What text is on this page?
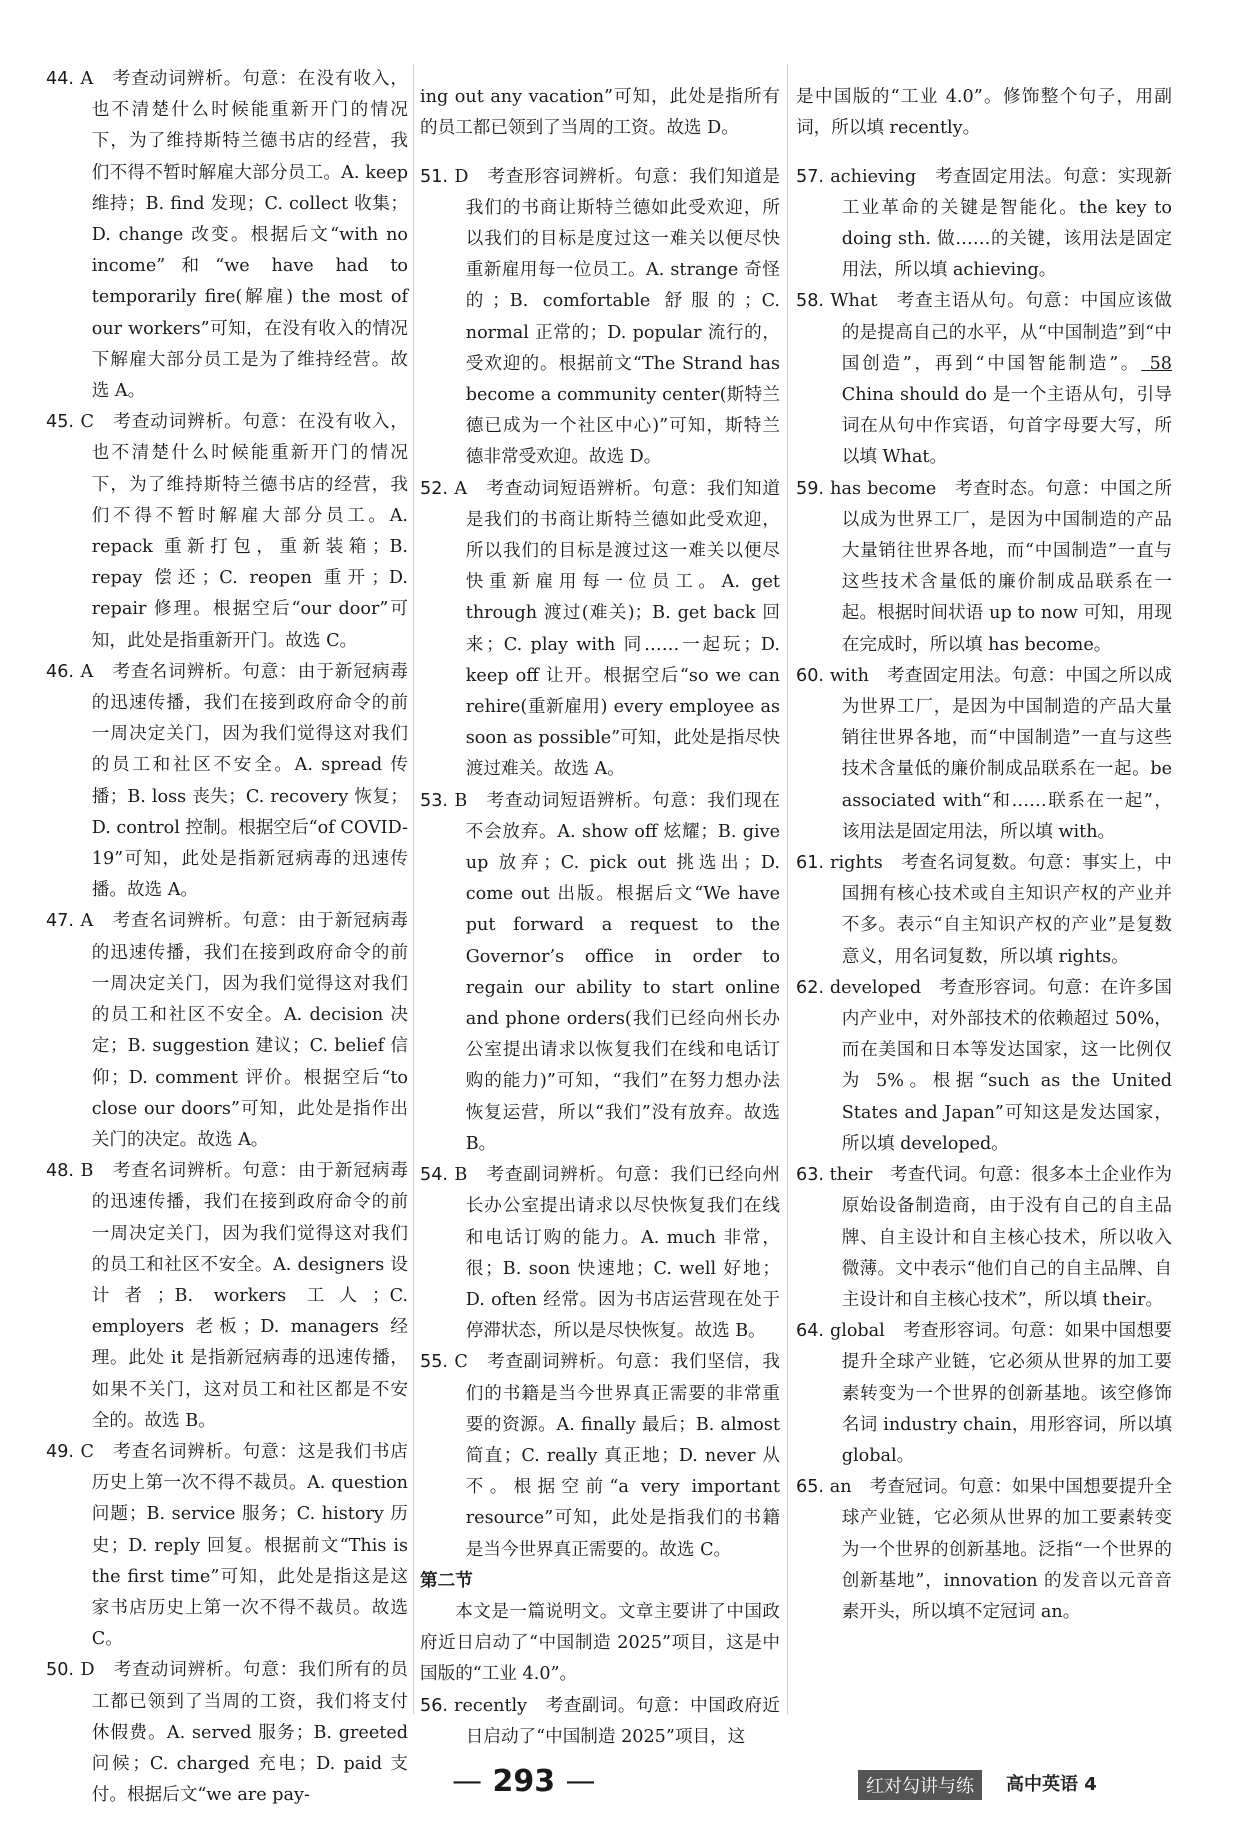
44. A　考查动词辨析。句意：在没有收入，也不清楚什么时候能重新开门的情况下，为了维持斯特兰德书店的经营，我们不得不暂时解雇大部分员工。A. keep 维持；B. find 发现；C. collect 收集；D. change 改变。根据后文“with no income”和“we have had to temporarily fire(解雇) the most of our workers”可知，在没有收入的情况下解雇大部分员工是为了维持经营。故选 A。

45. C　考查动词辨析。句意：在没有收入，也不清楚什么时候能重新开门的情况下，为了维持斯特兰德书店的经营，我们不得不暂时解雇大部分员工。A. repack 重新打包，重新装箱；B. repay 偿还；C. reopen 重开；D. repair 修理。根据空后“our door”可知，此处是指重新开门。故选 C。

46. A　考查名词辨析。句意：由于新冠病毒的迅速传播，我们在接到政府命令的前一周决定关门，因为我们觉得这对我们的员工和社区不安全。A. spread 传播；B. loss 丧失；C. recovery 恢复；D. control 控制。根据空后“of COVID-19”可知，此处是指新冠病毒的迅速传播。故选 A。

47. A　考查名词辨析。句意：由于新冠病毒的迅速传播，我们在接到政府命令的前一周决定关门，因为我们觉得这对我们的员工和社区不安全。A. decision 决定；B. suggestion 建议；C. belief 信仰；D. comment 评价。根据空后“to close our doors”可知，此处是指作出关门的决定。故选 A。

48. B　考查名词辨析。句意：由于新冠病毒的迅速传播，我们在接到政府命令的前一周决定关门，因为我们觉得这对我们的员工和社区不安全。A. designers 设计者；B. workers 工人；C. employers 老板；D. managers 经理。此处 it 是指新冠病毒的迅速传播，如果不关门，这对员工和社区都是不安全的。故选 B。

49. C　考查名词辨析。句意：这是我们书店历史上第一次不得不裁员。A. question 问题；B. service 服务；C. history 历史；D. reply 回复。根据前文“This is the first time”可知，此处是指这是这家书店历史上第一次不得不裁员。故选 C。

50. D　考查动词辨析。句意：我们所有的员工都已领到了当周的工资，我们将支付休假费。A. served 服务；B. greeted 问候；C. charged 充电；D. paid 支付。根据后文“we are pay-

ing out any vacation”可知，此处是指所有的员工都已领到了当周的工资。故选 D。

51. D　考查形容词辨析。句意：我们知道是我们的书商让斯特兰德如此受欢迎，所以我们的目标是度过这一难关以便尽快重新雇用每一位员工。A. strange 奇怪的；B. comfortable 舒服的；C. normal 正常的；D. popular 流行的，受欢迎的。根据前文“The Strand has become a community center(斯特兰德已成为一个社区中心)”可知，斯特兰德非常受欢迎。故选 D。

52. A　考查动词短语辨析。句意：我们知道是我们的书商让斯特兰德如此受欢迎，所以我们的目标是渡过这一难关以便尽快重新雇用每一位员工。A. get through 渡过(难关)；B. get back 回来；C. play with 同……一起玩；D. keep off 让开。根据空后“so we can rehire(重新雇用) every employee as soon as possible”可知，此处是指尽快渡过难关。故选 A。

53. B　考查动词短语辨析。句意：我们现在不会放弃。A. show off 炫耀；B. give up 放弃；C. pick out 挑选出；D. come out 出版。根据后文“We have put forward a request to the Governor’s office in order to regain our ability to start online and phone orders(我们已经向州长办公室提出请求以恢复我们在线和电话订购的能力)”可知，“我们”在努力想办法恢复运营，所以“我们”没有放弃。故选 B。

54. B　考查副词辨析。句意：我们已经向州长办公室提出请求以尽快恢复我们在线和电话订购的能力。A. much 非常，很；B. soon 快速地；C. well 好地；D. often 经常。因为书店运营现在处于停滞状态，所以是尽快恢复。故选 B。

55. C　考查副词辨析。句意：我们坚信，我们的书籍是当今世界真正需要的非常重要的资源。A. finally 最后；B. almost 简直；C. really 真正地；D. never 从不。根据空前“a very important resource”可知，此处是指我们的书籍是当今世界真正需要的。故选 C。

第二节

本文是一篇说明文。文章主要讲了中国政府近日启动了“中国制造 2025”项目，这是中国版的“工业 4.0”。

56. recently　考查副词。句意：中国政府近日启动了“中国制造 2025”项目，这

是中国版的“工业 4.0”。修饰整个句子，用副词，所以填 recently。

57. achieving　考查固定用法。句意：实现新工业革命的关键是智能化。the key to doing sth. 做……的关键，该用法是固定用法，所以填 achieving。

58. What　考查主语从句。句意：中国应该做的是提高自己的水平，从“中国制造”到“中国创造”，再到“中国智能制造”。 58 China should do 是一个主语从句，引导词在从句中作宾语，句首字母要大写，所以填 What。

59. has become　考查时态。句意：中国之所以成为世界工厂，是因为中国制造的产品大量销往世界各地，而“中国制造”一直与这些技术含量低的廉价制成品联系在一起。根据时间状语 up to now 可知，用现在完成时，所以填 has become。

60. with　考查固定用法。句意：中国之所以成为世界工厂，是因为中国制造的产品大量销往世界各地，而“中国制造”一直与这些技术含量低的廉价制成品联系在一起。be associated with“和……联系在一起”，该用法是固定用法，所以填 with。

61. rights　考查名词复数。句意：事实上，中国拥有核心技术或自主知识产权的产业并不多。表示“自主知识产权的产业”是复数意义，用名词复数，所以填 rights。

62. developed　考查形容词。句意：在许多国内产业中，对外部技术的依赖超过 50%，而在美国和日本等发达国家，这一比例仅为 5%。根据“such as the United States and Japan”可知这是发达国家，所以填 developed。

63. their　考查代词。句意：很多本土企业作为原始设备制造商，由于没有自己的自主品牌、自主设计和自主核心技术，所以收入微薄。文中表示“他们自己的自主品牌、自主设计和自主核心技术”，所以填 their。

64. global　考查形容词。句意：如果中国想要提升全球产业链，它必须从世界的加工要素转变为一个世界的创新基地。该空修饰名词 industry chain，用形容词，所以填 global。

65. an　考查冠词。句意：如果中国想要提升全球产业链，它必须从世界的加工要素转变为一个世界的创新基地。泛指“一个世界的创新基地”，innovation 的发音以元音音素开头，所以填不定冠词 an。

— 293 —	红对勾讲与练	高中英语 4
